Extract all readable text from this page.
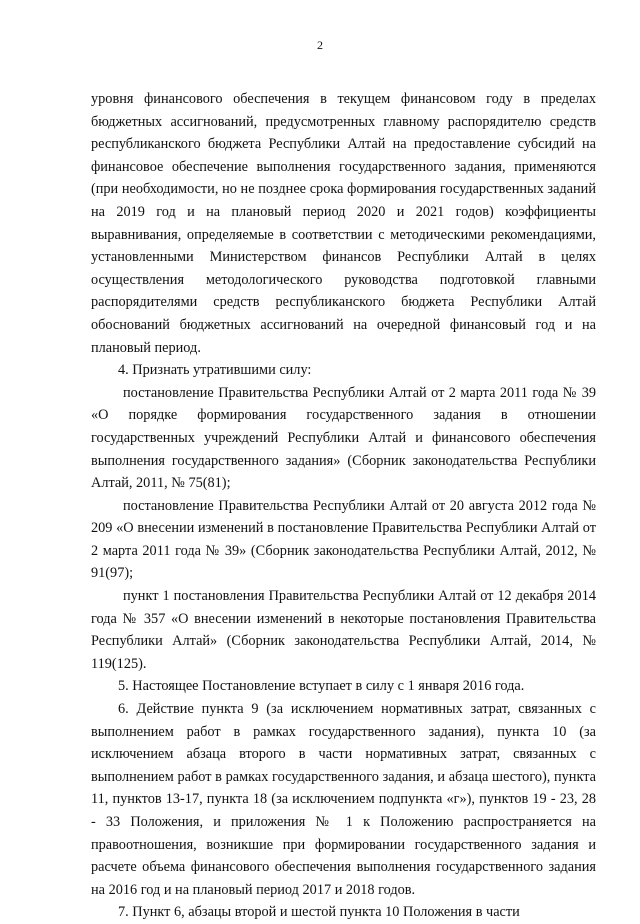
2

уровня финансового обеспечения в текущем финансовом году в пределах бюджетных ассигнований, предусмотренных главному распорядителю средств республиканского бюджета Республики Алтай на предоставление субсидий на финансовое обеспечение выполнения государственного задания, применяются (при необходимости, но не позднее срока формирования государственных заданий на 2019 год и на плановый период 2020 и 2021 годов) коэффициенты выравнивания, определяемые в соответствии с методическими рекомендациями, установленными Министерством финансов Республики Алтай в целях осуществления методологического руководства подготовкой главными распорядителями средств республиканского бюджета Республики Алтай обоснований бюджетных ассигнований на очередной финансовый год и на плановый период.

4. Признать утратившими силу:

постановление Правительства Республики Алтай от 2 марта 2011 года № 39 «О порядке формирования государственного задания в отношении государственных учреждений Республики Алтай и финансового обеспечения выполнения государственного задания» (Сборник законодательства Республики Алтай, 2011, № 75(81);

постановление Правительства Республики Алтай от 20 августа 2012 года № 209 «О внесении изменений в постановление Правительства Республики Алтай от 2 марта 2011 года № 39» (Сборник законодательства Республики Алтай, 2012, № 91(97);

пункт 1 постановления Правительства Республики Алтай от 12 декабря 2014 года № 357 «О внесении изменений в некоторые постановления Правительства Республики Алтай» (Сборник законодательства Республики Алтай, 2014, № 119(125).

5. Настоящее Постановление вступает в силу с 1 января 2016 года.

6. Действие пункта 9 (за исключением нормативных затрат, связанных с выполнением работ в рамках государственного задания), пункта 10 (за исключением абзаца второго в части нормативных затрат, связанных с выполнением работ в рамках государственного задания, и абзаца шестого), пункта 11, пунктов 13-17, пункта 18 (за исключением подпункта «г»), пунктов 19 - 23, 28 - 33 Положения, и приложения № 1 к Положению распространяется на правоотношения, возникшие при формировании государственного задания и расчете объема финансового обеспечения выполнения государственного задания на 2016 год и на плановый период 2017 и 2018 годов.

7. Пункт 6, абзацы второй и шестой пункта 10 Положения в части
